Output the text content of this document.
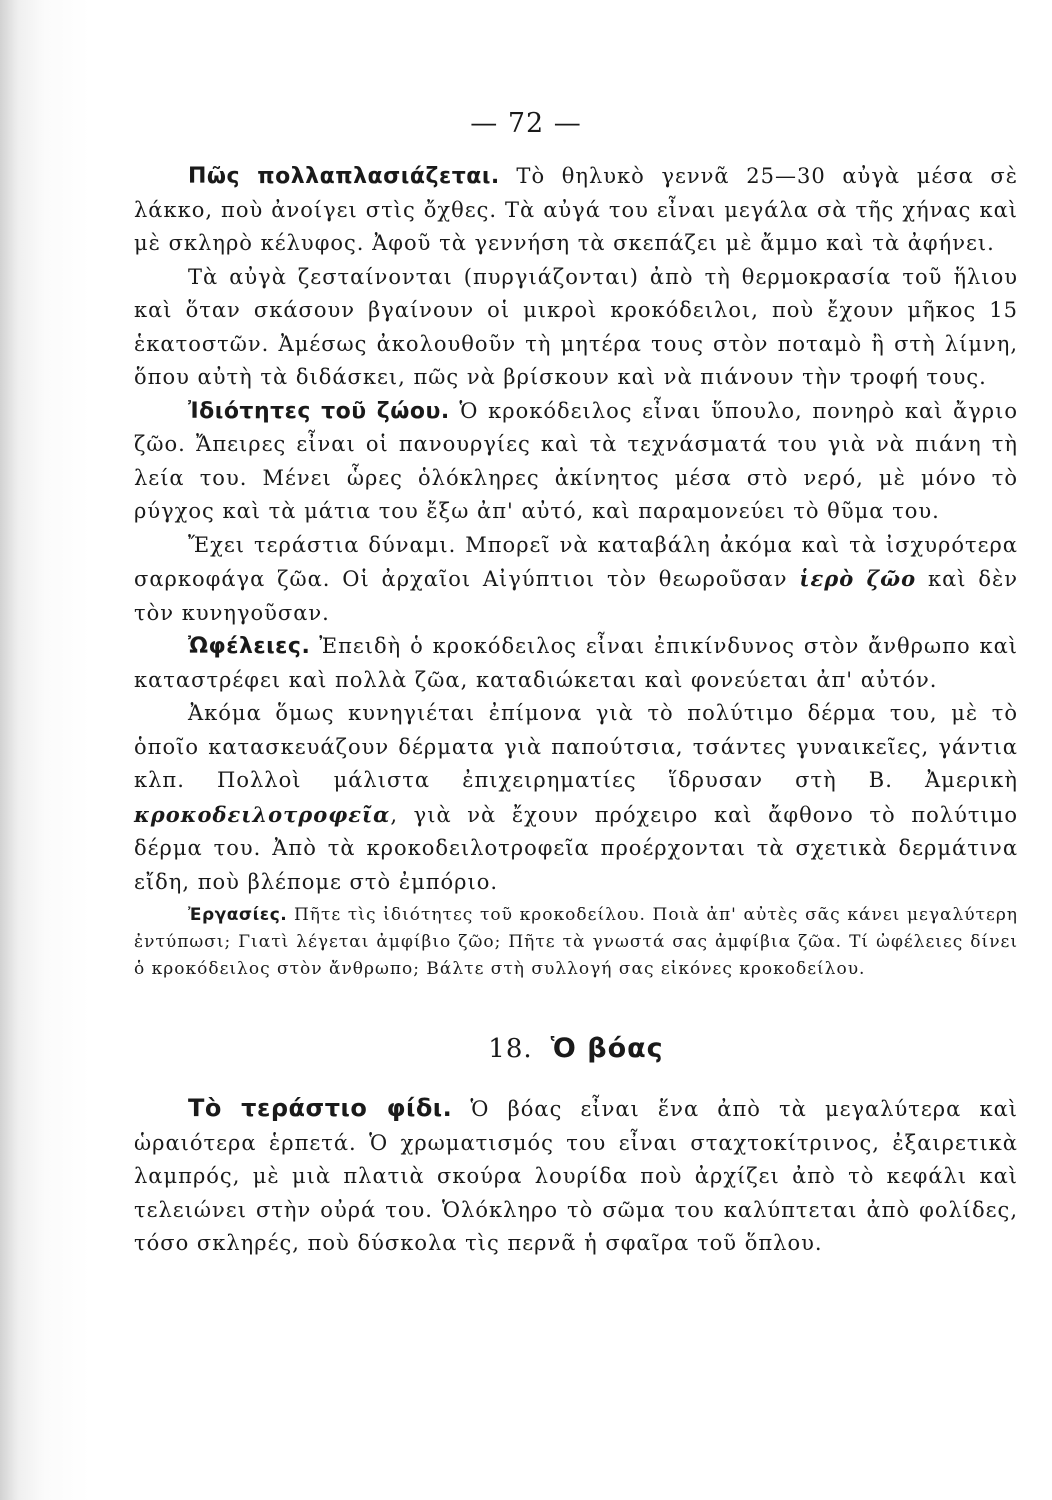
— 72 —

Πῶς πολλαπλασιάζεται. Τὸ θηλυκὸ γεννᾶ 25—30 αὐγὰ μέσα σὲ λάκκο, ποὺ ἀνοίγει στὶς ὄχθες. Τὰ αὐγά του εἶναι μεγάλα σὰ τῆς χήνας καὶ μὲ σκληρὸ κέλυφος. Ἀφοῦ τὰ γεννήση τὰ σκεπάζει μὲ ἄμμο καὶ τὰ ἀφήνει.

Τὰ αὐγὰ ζεσταίνονται (πυργιάζονται) ἀπὸ τὴ θερμοκρασία τοῦ ἥλιου καὶ ὅταν σκάσουν βγαίνουν οἱ μικροὶ κροκόδειλοι, ποὺ ἔχουν μῆκος 15 ἑκατοστῶν. Ἀμέσως ἀκολουθοῦν τὴ μητέρα τους στὸν ποταμὸ ἢ στὴ λίμνη, ὅπου αὐτὴ τὰ διδάσκει, πῶς νὰ βρίσκουν καὶ νὰ πιάνουν τὴν τροφή τους.

Ἰδιότητες τοῦ ζώου. Ὁ κροκόδειλος εἶναι ὕπουλο, πονηρὸ καὶ ἄγριο ζῶο. Ἄπειρες εἶναι οἱ πανουργίες καὶ τὰ τεχνάσματά του γιὰ νὰ πιάνη τὴ λεία του. Μένει ὧρες ὁλόκληρες ἀκίνητος μέσα στὸ νερό, μὲ μόνο τὸ ρύγχος καὶ τὰ μάτια του ἔξω ἀπ' αὐτό, καὶ παραμονεύει τὸ θῦμα του.

Ἔχει τεράστια δύναμι. Μπορεῖ νὰ καταβάλη ἀκόμα καὶ τὰ ἰσχυρότερα σαρκοφάγα ζῶα. Οἱ ἀρχαῖοι Αἰγύπτιοι τὸν θεωροῦσαν ἱερὸ ζῶο καὶ δὲν τὸν κυνηγοῦσαν.

Ὠφέλειες. Ἐπειδὴ ὁ κροκόδειλος εἶναι ἐπικίνδυνος στὸν ἄνθρωπο καὶ καταστρέφει καὶ πολλὰ ζῶα, καταδιώκεται καὶ φονεύεται ἀπ' αὐτόν.

Ἀκόμα ὅμως κυνηγιέται ἐπίμονα γιὰ τὸ πολύτιμο δέρμα του, μὲ τὸ ὁποῖο κατασκευάζουν δέρματα γιὰ παπούτσια, τσάντες γυναικεῖες, γάντια κλπ. Πολλοὶ μάλιστα ἐπιχειρηματίες ἵδρυσαν στὴ Β. Ἀμερικὴ κροκοδειλοτροφεῖα, γιὰ νὰ ἔχουν πρόχειρο καὶ ἄφθονο τὸ πολύτιμο δέρμα του. Ἀπὸ τὰ κροκοδειλοτροφεῖα προέρχονται τὰ σχετικὰ δερμάτινα εἴδη, ποὺ βλέπομε στὸ ἐμπόριο.

Ἐργασίες. Πῆτε τὶς ἰδιότητες τοῦ κροκοδείλου. Ποιὰ ἀπ' αὐτὲς σᾶς κάνει μεγαλύτερη ἐντύπωσι; Γιατὶ λέγεται ἀμφίβιο ζῶο; Πῆτε τὰ γνωστά σας ἀμφίβια ζῶα. Τί ὠφέλειες δίνει ὁ κροκόδειλος στὸν ἄνθρωπο; Βάλτε στὴ συλλογή σας εἰκόνες κροκοδείλου.

18. Ὁ βόας

Τὸ τεράστιο φίδι. Ὁ βόας εἶναι ἕνα ἀπὸ τὰ μεγαλύτερα καὶ ὡραιότερα ἑρπετά. Ὁ χρωματισμός του εἶναι σταχτοκίτρινος, ἐξαιρετικὰ λαμπρός, μὲ μιὰ πλατιὰ σκούρα λουρίδα ποὺ ἀρχίζει ἀπὸ τὸ κεφάλι καὶ τελειώνει στὴν οὐρά του. Ὁλόκληρο τὸ σῶμα του καλύπτεται ἀπὸ φολίδες, τόσο σκληρές, ποὺ δύσκολα τὶς περνᾶ ἡ σφαῖρα τοῦ ὅπλου.
